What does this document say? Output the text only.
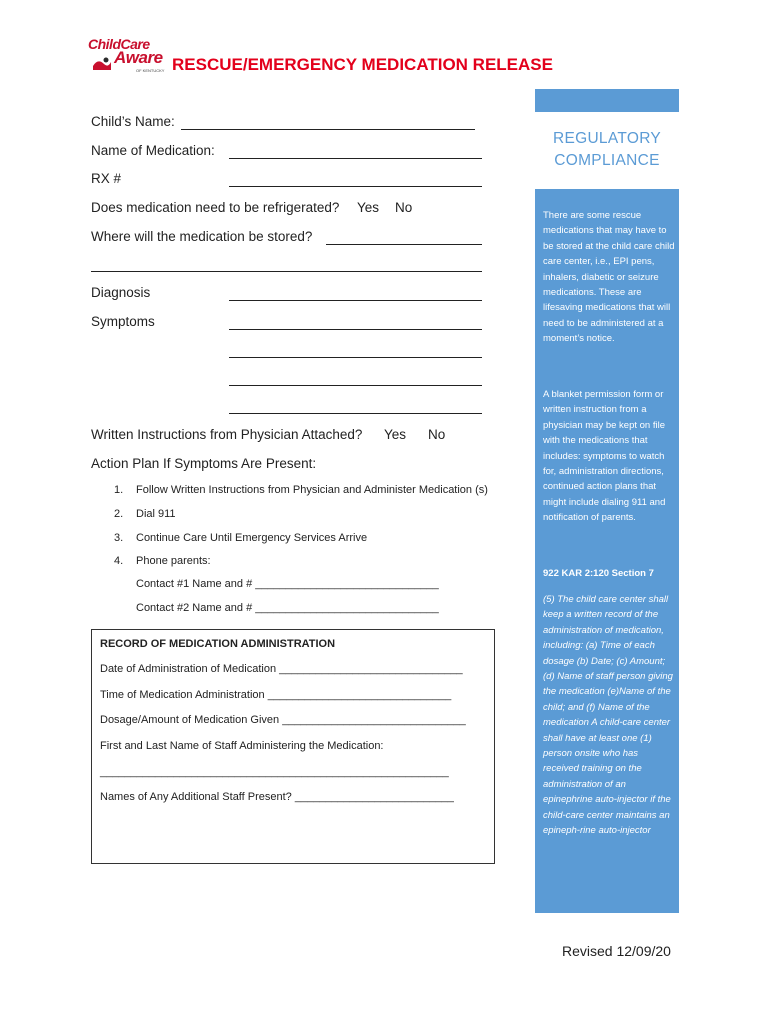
ChildCare
Aware
OF KENTUCKY RESCUE/EMERGENCY MEDICATION RELEASE
Child’s Name:
Name of Medication:
RX #
Does medication need to be refrigerated? Yes No
Where will the medication be stored?
Diagnosis
Symptoms
Written Instructions from Physician Attached? Yes No
Action Plan If Symptoms Are Present:
1. Follow Written Instructions from Physician and Administer Medication (s)
2. Dial 911
3. Continue Care Until Emergency Services Arrive
4. Phone parents:
Contact #1 Name and # ______________________________
Contact #2 Name and # ______________________________
RECORD OF MEDICATION ADMINISTRATION
Date of Administration of Medication ______________________________
Time of Medication Administration ______________________________
Dosage/Amount of Medication Given ______________________________
First and Last Name of Staff Administering the Medication:
_________________________________________________________
Names of Any Additional Staff Present? __________________________
REGULATORY
COMPLIANCE
There are some rescue medications that may have to be stored at the child care child care center, i.e., EPI pens, inhalers, diabetic or seizure medications. These are lifesaving medications that will need to be administered at a moment’s notice.
A blanket permission form or written instruction from a physician may be kept on file with the medications that includes: symptoms to watch for, administration directions, continued action plans that might include dialing 911 and notification of parents.
922 KAR 2:120 Section 7
(5) The child care center shall keep a written record of the administration of medication, including: (a) Time of each dosage (b) Date; (c) Amount; (d) Name of staff person giving the medication (e)Name of the child; and (f) Name of the medication A child-care center shall have at least one (1) person onsite who has received training on the administration of an epinephrine auto-injector if the child-care center maintains an epineph-rine auto-injector
Revised 12/09/20
